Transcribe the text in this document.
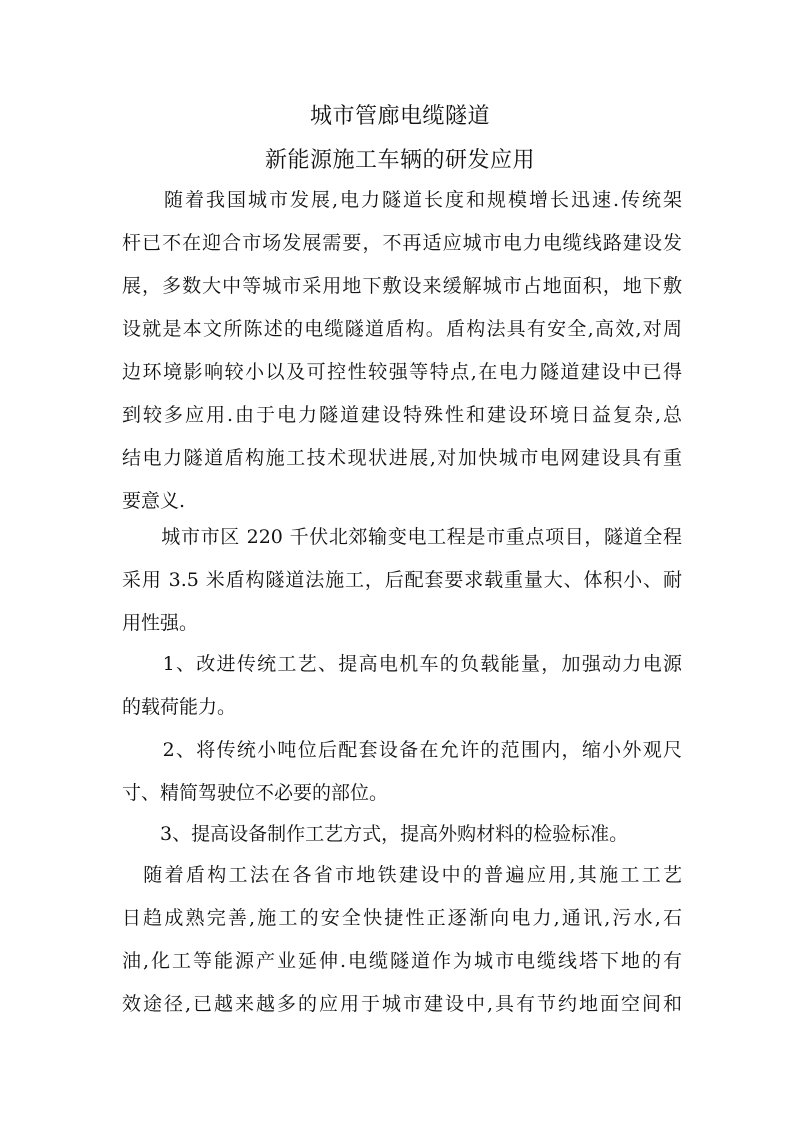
城市管廊电缆隧道
新能源施工车辆的研发应用
　　随着我国城市发展,电力隧道长度和规模增长迅速.传统架
杆已不在迎合市场发展需要，不再适应城市电力电缆线路建设发
展，多数大中等城市采用地下敷设来缓解城市占地面积，地下敷
设就是本文所陈述的电缆隧道盾构。盾构法具有安全,高效,对周
边环境影响较小以及可控性较强等特点,在电力隧道建设中已得
到较多应用.由于电力隧道建设特殊性和建设环境日益复杂,总
结电力隧道盾构施工技术现状进展,对加快城市电网建设具有重
要意义.
　　城市市区 220 千伏北郊输变电工程是市重点项目，隧道全程
采用 3.5 米盾构隧道法施工，后配套要求载重量大、体积小、耐
用性强。
　　1、改进传统工艺、提高电机车的负载能量，加强动力电源
的载荷能力。
　　2、将传统小吨位后配套设备在允许的范围内，缩小外观尺
寸、精简驾驶位不必要的部位。
　　3、提高设备制作工艺方式，提高外购材料的检验标准。
　随着盾构工法在各省市地铁建设中的普遍应用,其施工工艺
日趋成熟完善,施工的安全快捷性正逐渐向电力,通讯,污水,石
油,化工等能源产业延伸.电缆隧道作为城市电缆线塔下地的有
效途径,已越来越多的应用于城市建设中,具有节约地面空间和
